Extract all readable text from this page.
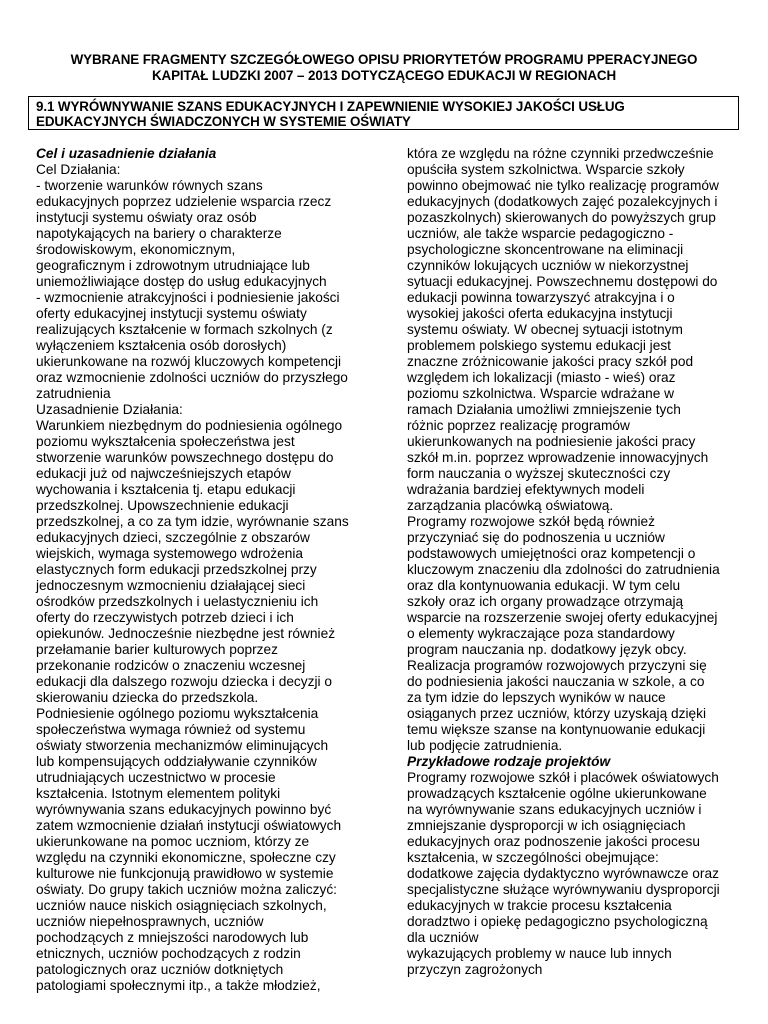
WYBRANE FRAGMENTY SZCZEGÓŁOWEGO OPISU PRIORYTETÓW PROGRAMU PPERACYJNEGO
KAPITAŁ LUDZKI 2007 – 2013 DOTYCZĄCEGO EDUKACJI W REGIONACH
9.1 WYRÓWNYWANIE SZANS EDUKACYJNYCH I ZAPEWNIENIE WYSOKIEJ JAKOŚCI USŁUG
EDUKACYJNYCH ŚWIADCZONYCH W SYSTEMIE OŚWIATY
Cel i uzasadnienie działania
Cel Działania:
- tworzenie warunków równych szans
edukacyjnych poprzez udzielenie wsparcia rzecz
instytucji systemu oświaty oraz osób
napotykających na bariery o charakterze
środowiskowym, ekonomicznym,
geograficznym i zdrowotnym utrudniające lub
uniemożliwiające dostęp do usług edukacyjnych
- wzmocnienie atrakcyjności i podniesienie jakości
oferty edukacyjnej instytucji systemu oświaty
realizujących kształcenie w formach szkolnych (z
wyłączeniem kształcenia osób dorosłych)
ukierunkowane na rozwój kluczowych kompetencji
oraz wzmocnienie zdolności uczniów do przyszłego
zatrudnienia
Uzasadnienie Działania:
Warunkiem niezbędnym do podniesienia ogólnego
poziomu wykształcenia społeczeństwa jest
stworzenie warunków powszechnego dostępu do
edukacji już od najwcześniejszych etapów
wychowania i kształcenia tj. etapu edukacji
przedszkolnej. Upowszechnienie edukacji
przedszkolnej, a co za tym idzie, wyrównanie szans
edukacyjnych dzieci, szczególnie z obszarów
wiejskich, wymaga systemowego wdrożenia
elastycznych form edukacji przedszkolnej przy
jednoczesnym wzmocnieniu działającej sieci
ośrodków przedszkolnych i uelastycznieniu ich
oferty do rzeczywistych potrzeb dzieci i ich
opiekunów. Jednocześnie niezbędne jest również
przełamanie barier kulturowych poprzez
przekonanie rodziców o znaczeniu wczesnej
edukacji dla dalszego rozwoju dziecka i decyzji o
skierowaniu dziecka do przedszkola.
Podniesienie ogólnego poziomu wykształcenia
społeczeństwa wymaga również od systemu
oświaty stworzenia mechanizmów eliminujących
lub kompensujących oddziaływanie czynników
utrudniających uczestnictwo w procesie
kształcenia. Istotnym elementem polityki
wyrównywania szans edukacyjnych powinno być
zatem wzmocnienie działań instytucji oświatowych
ukierunkowane na pomoc uczniom, którzy ze
względu na czynniki ekonomiczne, społeczne czy
kulturowe nie funkcjonują prawidłowo w systemie
oświaty. Do grupy takich uczniów można zaliczyć:
uczniów nauce niskich osiągnięciach szkolnych,
uczniów niepełnosprawnych, uczniów
pochodzących z mniejszości narodowych lub
etnicznych, uczniów pochodzących z rodzin
patologicznych oraz uczniów dotkniętych
patologiami społecznymi itp., a także młodzież,
która ze względu na różne czynniki przedwcześnie
opuściła system szkolnictwa. Wsparcie szkoły
powinno obejmować nie tylko realizację programów
edukacyjnych (dodatkowych zajęć pozalekcyjnych i
pozaszkolnych) skierowanych do powyższych grup
uczniów, ale także wsparcie pedagogiczno -
psychologiczne skoncentrowane na eliminacji
czynników lokujących uczniów w niekorzystnej
sytuacji edukacyjnej. Powszechnemu dostępowi do
edukacji powinna towarzyszyć atrakcyjna i o
wysokiej jakości oferta edukacyjna instytucji
systemu oświaty. W obecnej sytuacji istotnym
problemem polskiego systemu edukacji jest
znaczne zróżnicowanie jakości pracy szkół pod
względem ich lokalizacji (miasto - wieś) oraz
poziomu szkolnictwa. Wsparcie wdrażane w
ramach Działania umożliwi zmniejszenie tych
różnic poprzez realizację programów
ukierunkowanych na podniesienie jakości pracy
szkół m.in. poprzez wprowadzenie innowacyjnych
form nauczania o wyższej skuteczności czy
wdrażania bardziej efektywnych modeli
zarządzania placówką oświatową.
Programy rozwojowe szkół będą również
przyczyniać się do podnoszenia u uczniów
podstawowych umiejętności oraz kompetencji o
kluczowym znaczeniu dla zdolności do zatrudnienia
oraz dla kontynuowania edukacji. W tym celu
szkoły oraz ich organy prowadzące otrzymają
wsparcie na rozszerzenie swojej oferty edukacyjnej
o elementy wykraczające poza standardowy
program nauczania np. dodatkowy język obcy.
Realizacja programów rozwojowych przyczyni się
do podniesienia jakości nauczania w szkole, a co
za tym idzie do lepszych wyników w nauce
osiąganych przez uczniów, którzy uzyskają dzięki
temu większe szanse na kontynuowanie edukacji
lub podjęcie zatrudnienia.
Przykładowe rodzaje projektów
Programy rozwojowe szkół i placówek oświatowych
prowadzących kształcenie ogólne ukierunkowane
na wyrównywanie szans edukacyjnych uczniów i
zmniejszanie dysproporcji w ich osiągnięciach
edukacyjnych oraz podnoszenie jakości procesu
kształcenia, w szczególności obejmujące:
dodatkowe zajęcia dydaktyczno wyrównawcze oraz
specjalistyczne służące wyrównywaniu dysproporcji
edukacyjnych w trakcie procesu kształcenia
doradztwo i opiekę pedagogiczno psychologiczną
dla uczniów
wykazujących problemy w nauce lub innych
przyczyn zagrożonych
